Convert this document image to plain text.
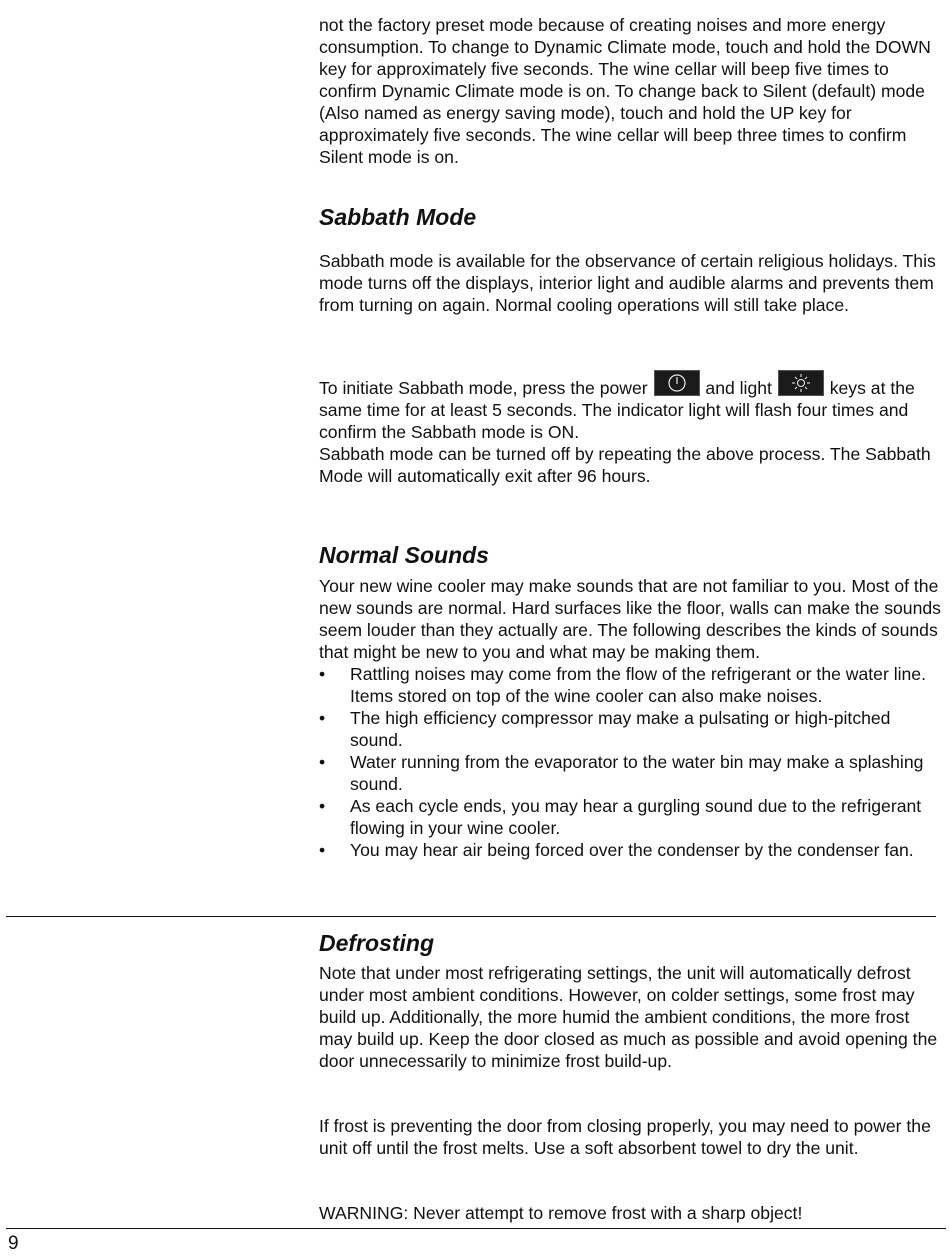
not the factory preset mode because of creating noises and more energy consumption. To change to Dynamic Climate mode, touch and hold the DOWN key for approximately five seconds. The wine cellar will beep five times to confirm Dynamic Climate mode is on. To change back to Silent (default) mode (Also named as energy saving mode), touch and hold the UP key for approximately five seconds. The wine cellar will beep three times to confirm Silent mode is on.

Sabbath Mode

Sabbath mode is available for the observance of certain religious holidays. This mode turns off the displays, interior light and audible alarms and prevents them from turning on again. Normal cooling operations will still take place.

To initiate Sabbath mode, press the power	and light	keys at the same time for at least 5 seconds. The indicator light will flash four times and confirm the Sabbath mode is ON.

Sabbath mode can be turned off by repeating the above process. The Sabbath Mode will automatically exit after 96 hours.

Normal Sounds

Your new wine cooler may make sounds that are not familiar to you. Most of the new sounds are normal. Hard surfaces like the floor, walls can make the sounds seem louder than they actually are. The following describes the kinds of sounds that might be new to you and what may be making them.

• Rattling noises may come from the flow of the refrigerant or the water line. Items stored on top of the wine cooler can also make noises.
• The high efficiency compressor may make a pulsating or high-pitched sound.
• Water running from the evaporator to the water bin may make a splashing sound.
• As each cycle ends, you may hear a gurgling sound due to the refrigerant flowing in your wine cooler.
• You may hear air being forced over the condenser by the condenser fan.
Defrosting

Note that under most refrigerating settings, the unit will automatically defrost under most ambient conditions. However, on colder settings, some frost may build up. Additionally, the more humid the ambient conditions, the more frost may build up. Keep the door closed as much as possible and avoid opening the door unnecessarily to minimize frost build-up.

If frost is preventing the door from closing properly, you may need to power the unit off until the frost melts. Use a soft absorbent towel to dry the unit.

WARNING: Never attempt to remove frost with a sharp object!

9
